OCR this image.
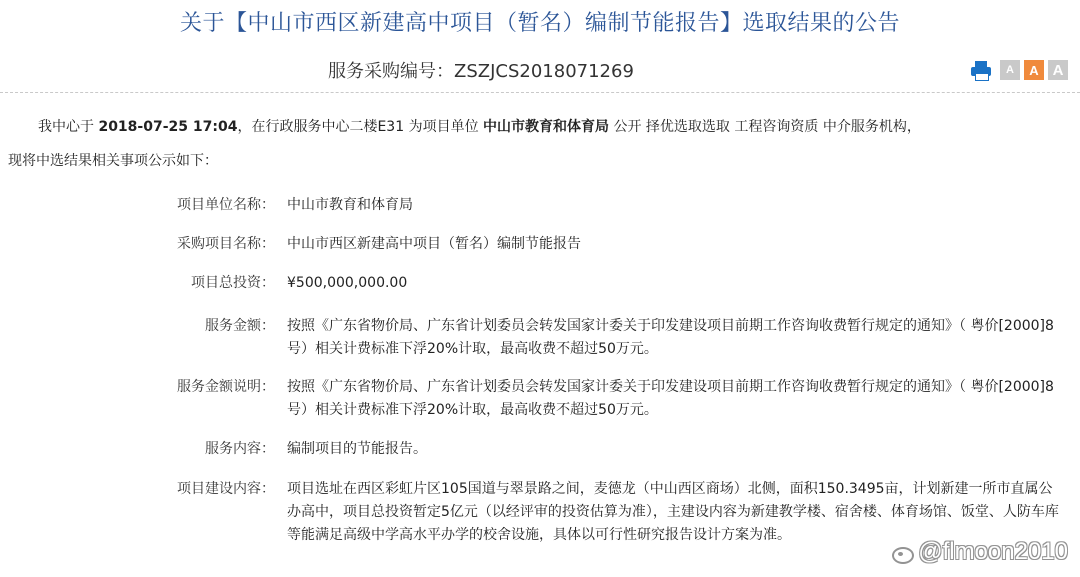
关于【中山市西区新建高中项目（暂名）编制节能报告】选取结果的公告
服务采购编号：ZSZJCS2018071269	A	A A
我中心于 2018-07-25 17:04，在行政服务中心二楼E31 为项目单位 中山市教育和体育局 公开 择优选取选取 工程咨询资质 中介服务机构，
现将中选结果相关事项公示如下：
项目单位名称： 中山市教育和体育局
采购项目名称： 中山市西区新建高中项目（暂名）编制节能报告
项目总投资： ¥500,000,000.00
服务金额： 按照《广东省物价局、广东省计划委员会转发国家计委关于印发建设项目前期工作咨询收费暂行规定的通知》（ 粤价[2000]8号）相关计费标准下浮20%计取，最高收费不超过50万元。
服务金额说明： 按照《广东省物价局、广东省计划委员会转发国家计委关于印发建设项目前期工作咨询收费暂行规定的通知》（ 粤价[2000]8号）相关计费标准下浮20%计取，最高收费不超过50万元。
服务内容： 编制项目的节能报告。
项目建设内容： 项目选址在西区彩虹片区105国道与翠景路之间，麦德龙（中山西区商场）北侧，面积150.3495亩，计划新建一所市直属公办高中，项目总投资暂定5亿元（以经评审的投资估算为准），主建设内容为新建教学楼、宿舍楼、体育场馆、饭堂、人防车库等能满足高级中学高水平办学的校舍设施，具体以可行性研究报告设计方案为准。
@flmoon2010
